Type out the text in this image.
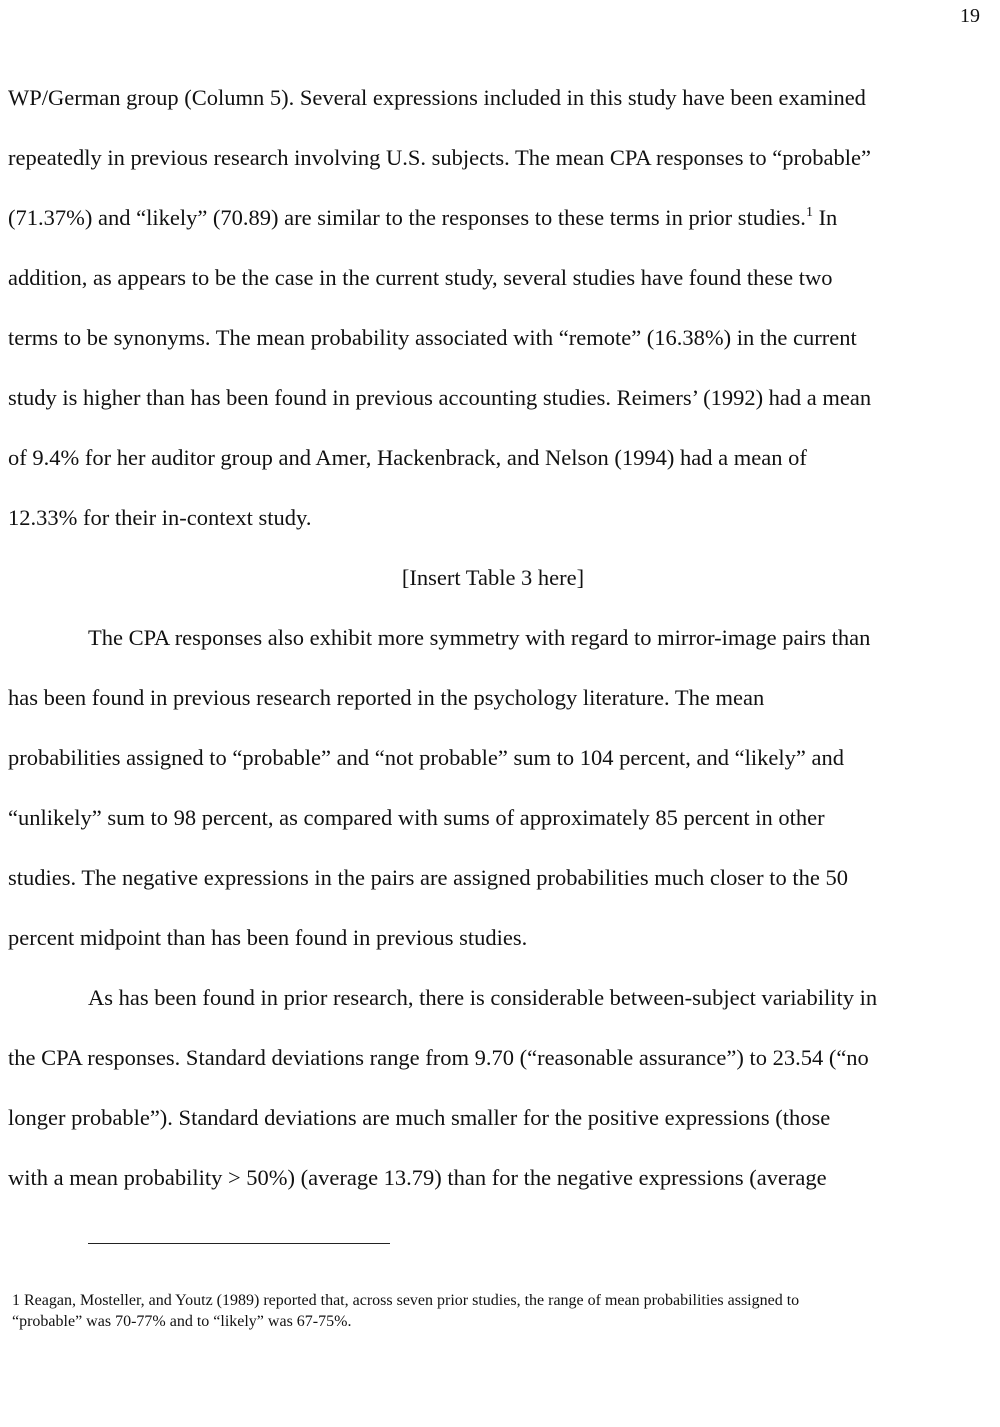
19
WP/German group (Column 5). Several expressions included in this study have been examined
repeatedly in previous research involving U.S. subjects. The mean CPA responses to “probable”
(71.37%) and “likely” (70.89) are similar to the responses to these terms in prior studies.$^1$ In
addition, as appears to be the case in the current study, several studies have found these two
terms to be synonyms. The mean probability associated with “remote” (16.38%) in the current
study is higher than has been found in previous accounting studies. Reimers’ (1992) had a mean
of 9.4% for her auditor group and Amer, Hackenbrack, and Nelson (1994) had a mean of
12.33% for their in-context study.
[Insert Table 3 here]
The CPA responses also exhibit more symmetry with regard to mirror-image pairs than
has been found in previous research reported in the psychology literature. The mean
probabilities assigned to “probable” and “not probable” sum to 104 percent, and “likely” and
“unlikely” sum to 98 percent, as compared with sums of approximately 85 percent in other
studies. The negative expressions in the pairs are assigned probabilities much closer to the 50
percent midpoint than has been found in previous studies.
As has been found in prior research, there is considerable between-subject variability in
the CPA responses. Standard deviations range from 9.70 (“reasonable assurance”) to 23.54 (“no
longer probable”). Standard deviations are much smaller for the positive expressions (those
with a mean probability > 50%) (average 13.79) than for the negative expressions (average
1 Reagan, Mosteller, and Youtz (1989) reported that, across seven prior studies, the range of mean probabilities assigned to
“probable” was 70-77% and to “likely” was 67-75%.
